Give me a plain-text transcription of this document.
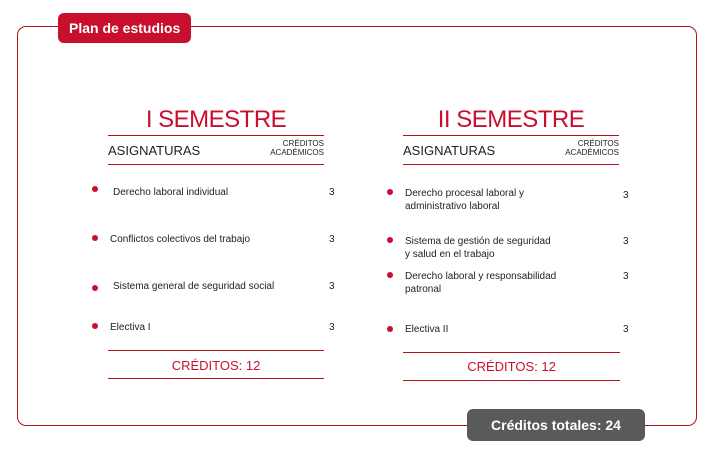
Plan de estudios
I SEMESTRE
ASIGNATURAS	CRÉDITOS
ACADÉMICOS
Derecho laboral individual	3
Conflictos colectivos del trabajo	3
Sistema general de seguridad social	3
Electiva I	3
CRÉDITOS: 12
II SEMESTRE
ASIGNATURAS	CRÉDITOS
ACADÉMICOS
Derecho procesal laboral y
administrativo laboral
3
Sistema de gestión de seguridad
y salud en el trabajo
3
Derecho laboral y responsabilidad
patronal
3
Electiva II	3
CRÉDITOS: 12
Créditos totales: 24
